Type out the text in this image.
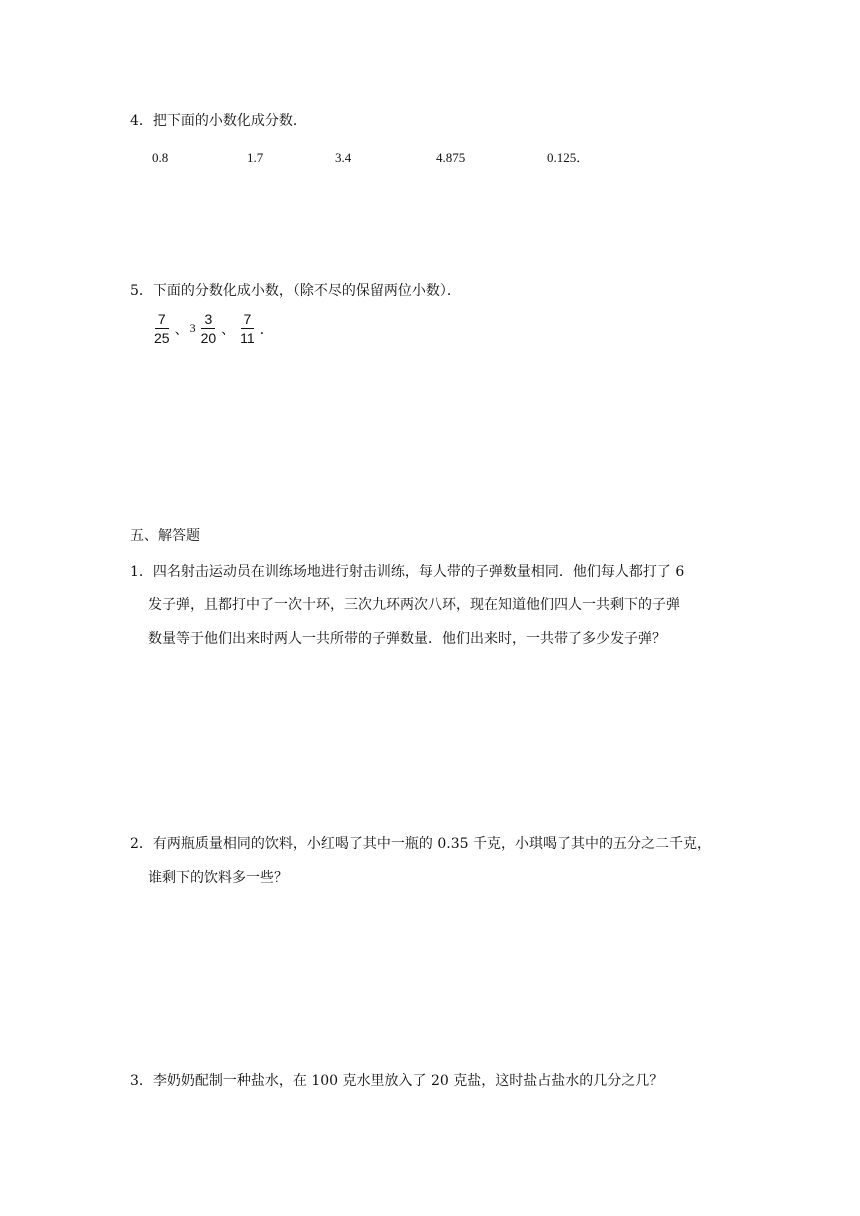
4．把下面的小数化成分数．
0.8	1.7	3.4	4.875	0.125．
5．下面的分数化成小数，（除不尽的保留两位小数）．
$\frac{7}{25}$ 、 $3 \frac{3}{20}$ 、 $\frac{7}{11}$ ．
五、解答题
1．四名射击运动员在训练场地进行射击训练，每人带的子弹数量相同．他们每人都打了 6
发子弹，且都打中了一次十环，三次九环两次八环，现在知道他们四人一共剩下的子弹
数量等于他们出来时两人一共所带的子弹数量．他们出来时，一共带了多少发子弹？
2．有两瓶质量相同的饮料，小红喝了其中一瓶的 0.35 千克，小琪喝了其中的五分之二千克，
谁剩下的饮料多一些？
3．李奶奶配制一种盐水，在 100 克水里放入了 20 克盐，这时盐占盐水的几分之几？
